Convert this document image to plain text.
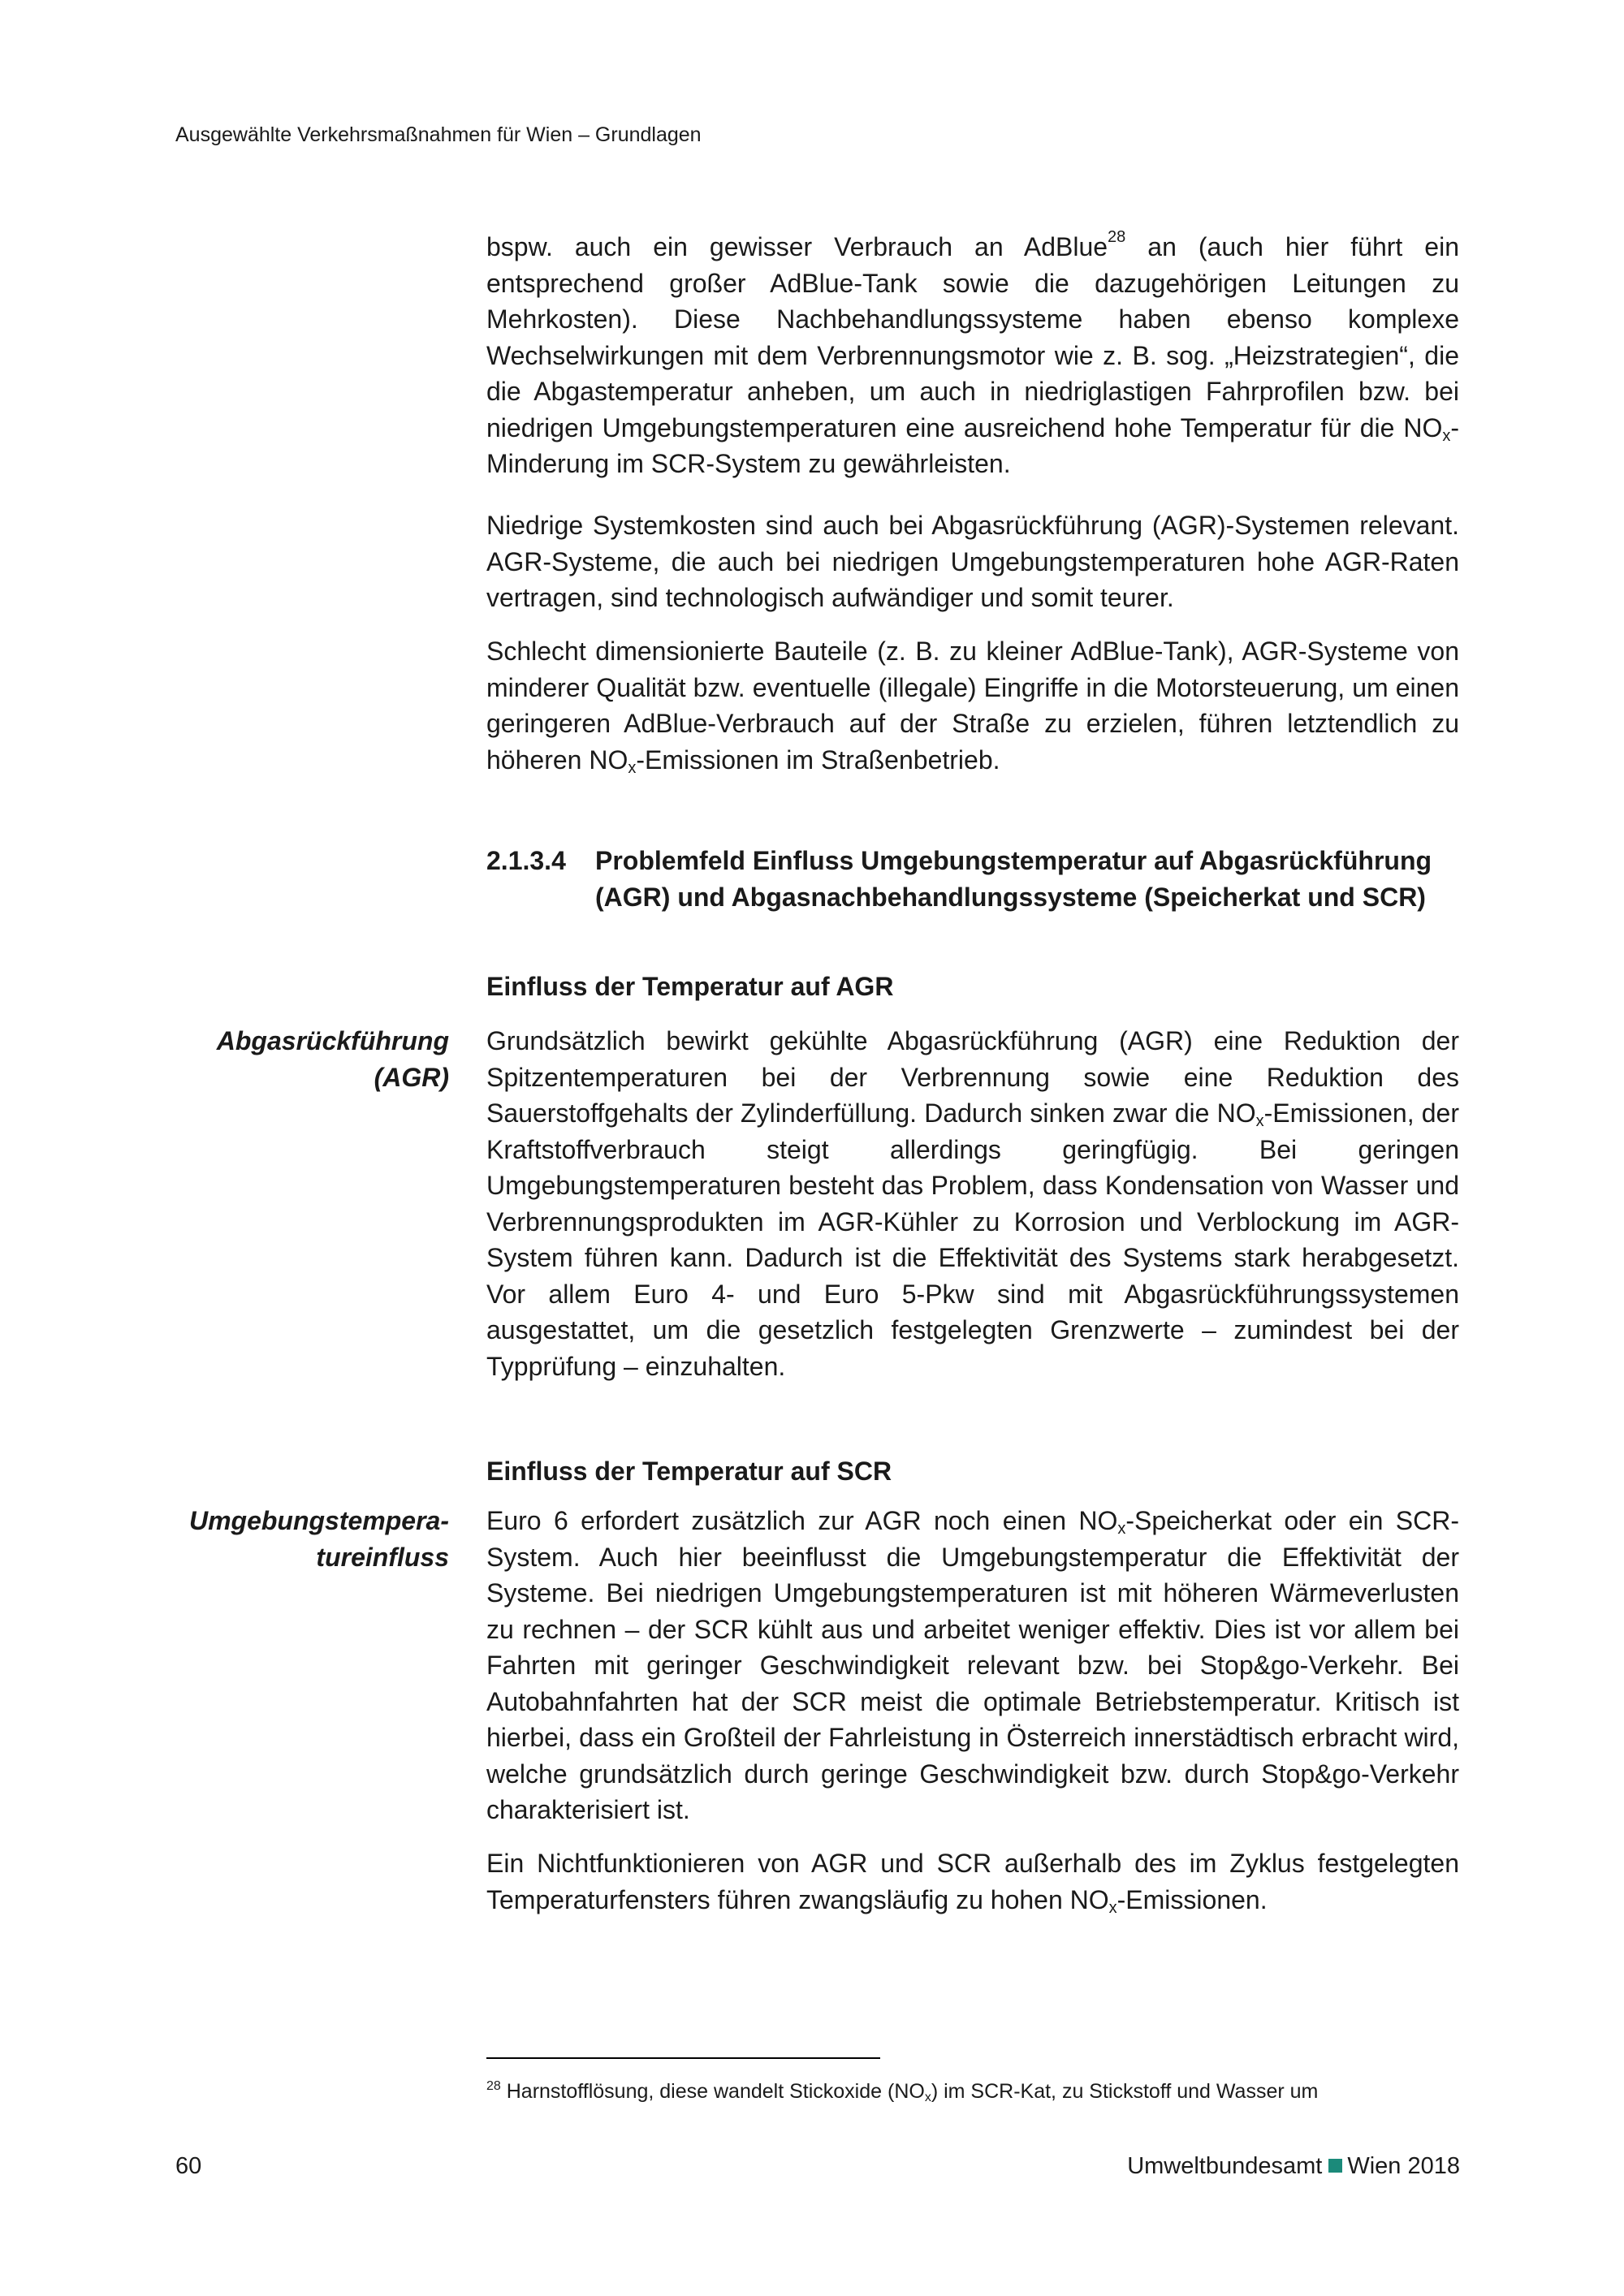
Ausgewählte Verkehrsmaßnahmen für Wien – Grundlagen

bspw. auch ein gewisser Verbrauch an AdBlue$^{28}$ an (auch hier führt ein entsprechend großer AdBlue-Tank sowie die dazugehörigen Leitungen zu Mehrkosten). Diese Nachbehandlungssysteme haben ebenso komplexe Wechselwirkungen mit dem Verbrennungsmotor wie z. B. sog. „Heizstrategien“, die die Abgastemperatur anheben, um auch in niedriglastigen Fahrprofilen bzw. bei niedrigen Umgebungstemperaturen eine ausreichend hohe Temperatur für die $NO_x$-Minderung im SCR-System zu gewährleisten.

Niedrige Systemkosten sind auch bei Abgasrückführung (AGR)-Systemen relevant. AGR-Systeme, die auch bei niedrigen Umgebungstemperaturen hohe AGR-Raten vertragen, sind technologisch aufwändiger und somit teurer.

Schlecht dimensionierte Bauteile (z. B. zu kleiner AdBlue-Tank), AGR-Systeme von minderer Qualität bzw. eventuelle (illegale) Eingriffe in die Motorsteuerung, um einen geringeren AdBlue-Verbrauch auf der Straße zu erzielen, führen letztendlich zu höheren $NO_x$-Emissionen im Straßenbetrieb.

2.1.3.4 Problemfeld Einfluss Umgebungstemperatur auf Abgasrückführung (AGR) und Abgasnachbehandlungssysteme (Speicherkat und SCR)
Einfluss der Temperatur auf AGR
Abgasrückführung
(AGR)

Grundsätzlich bewirkt gekühlte Abgasrückführung (AGR) eine Reduktion der Spitzentemperaturen bei der Verbrennung sowie eine Reduktion des Sauerstoffgehalts der Zylinderfüllung. Dadurch sinken zwar die $NO_x$-Emissionen, der Kraftstoffverbrauch steigt allerdings geringfügig. Bei geringen Umgebungstemperaturen besteht das Problem, dass Kondensation von Wasser und Verbrennungsprodukten im AGR-Kühler zu Korrosion und Verblockung im AGR-System führen kann. Dadurch ist die Effektivität des Systems stark herabgesetzt. Vor allem Euro 4- und Euro 5-Pkw sind mit Abgasrückführungssystemen ausgestattet, um die gesetzlich festgelegten Grenzwerte – zumindest bei der Typprüfung – einzuhalten.

Einfluss der Temperatur auf SCR
Umgebungstempera-
tureinfluss

Euro 6 erfordert zusätzlich zur AGR noch einen $NO_x$-Speicherkat oder ein SCR-System. Auch hier beeinflusst die Umgebungstemperatur die Effektivität der Systeme. Bei niedrigen Umgebungstemperaturen ist mit höheren Wärmeverlusten zu rechnen – der SCR kühlt aus und arbeitet weniger effektiv. Dies ist vor allem bei Fahrten mit geringer Geschwindigkeit relevant bzw. bei Stop&go-Verkehr. Bei Autobahnfahrten hat der SCR meist die optimale Betriebstemperatur. Kritisch ist hierbei, dass ein Großteil der Fahrleistung in Österreich innerstädtisch erbracht wird, welche grundsätzlich durch geringe Geschwindigkeit bzw. durch Stop&go-Verkehr charakterisiert ist.

Ein Nichtfunktionieren von AGR und SCR außerhalb des im Zyklus festgelegten Temperaturfensters führen zwangsläufig zu hohen $NO_x$-Emissionen.

$^{28}$ Harnstofflösung, diese wandelt Stickoxide $(NO_x)$ im SCR-Kat, zu Stickstoff und Wasser um
60	Umweltbundesamt Wien 2018
